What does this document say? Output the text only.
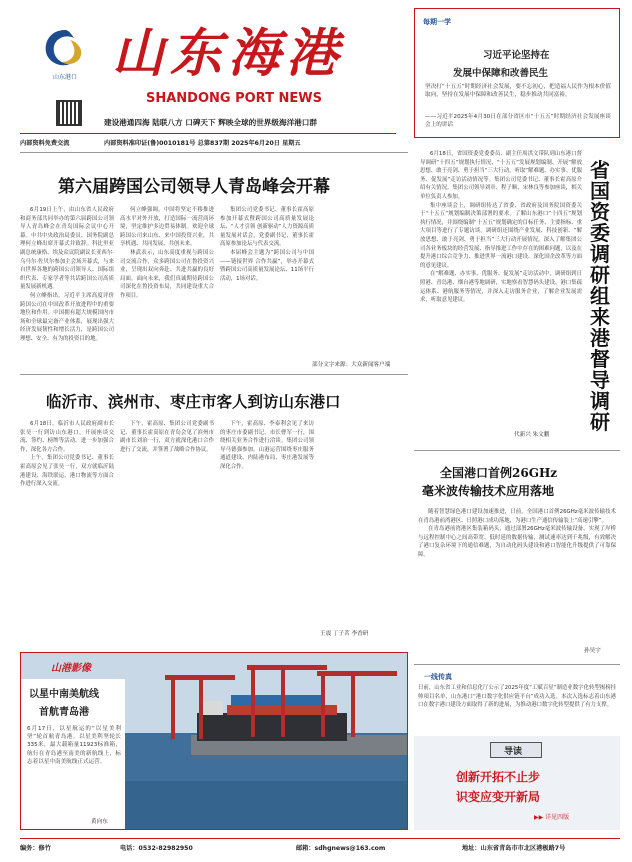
山东港口 山东海港
SHANDONG PORT NEWS
建设港通四海 陆联八方 口碑天下 辉映全球的世界级海洋港口群
内部资料免费交流	内部资料准印证(鲁)0010181号 总第837期 2025年6月20日 星期五
每期一学
习近平论坚持在
发展中保障和改善民生
坚决打“十五五”时期经济社会发展，要不忘初心，把造福人民作为根本价值取向，坚持在发展中保障和改善民生，稳步推动共同富裕。
——习近平2025年4月30日在部分省区市“十五五”时期经济社会发展座谈会上的讲话

6月18日，省国资委党委委员、副主任周洪文带队到山东港口督导调研“十四五”规划执行情况、“十五五”发展规划编制、开展“解放思想、敢于亮剑、勇于担当”三大行动，听取“解难题、办实事、优服务、促发展”走访活动情况等。集团公司党委书记、董事长霍高原介绍有关情况。集团公司领导刘章、程子顺、宋林良等参加座谈，相关单位负责人参加。

集中座谈会上，调研组传达了省委、省政府及国务院国资委关于“十五五”规划编制决策部署的要求。了解山东港口“十四五”规划执行情况，并围绕编制“十五五”规划确定的目标任务、主要指标、重大项目等进行了专题访谈。调研组还围绕产业发展、科技创新、“解放思想、敢于亮剑、勇于担当”三大行动开展情况，深入了解集团公司各业务板块的经营发展、指导推进工作中存在的困难问题，以及在提升港口综合竞争力、推进世界一流港口建设、深化国企改革等方面的意见建议。

在“解难题、办实事、优服务、促发展”走访活动中，调研组到日照港、青岛港、烟台港等地调研，实地察看智慧码头建设、港口集疏运体系、港航服务等情况，并深入走访服务企业，了解企业发展需求，听取意见建议。

省国资委调研组来港督导调研
代新兴 朱文鹏
第六届跨国公司领导人青岛峰会开幕

6月19日上午，由山东省人民政府和商务部共同举办的第六届跨国公司领导人青岛峰会在青岛国际会议中心开幕。中共中央政治局委员、国务院副总理何立峰出席开幕式并致辞。科比里亚副总统康格、埃及众议院副议长亚西尔·乌马尔·佐贝尔参加主会场开幕式，与来自世界各地的跨国公司领导人、国际组织代表、专家学者等共话跨国公司高质量发展新机遇。

何立峰指出，习近平主席高度评价跨国公司在中国改革开放进程中的重要地位和作用。中国拥有超大规模国内市场和全球最完备产业体系，展现出强大经济发展韧性和增长活力，是跨国公司理想、安全、有为的投资目的地。

何立峰强调，中国将坚定不移推进高水平对外开放，打造国际一流营商环境，坚定维护多边贸易体制。欢迎全球跨国公司来山东、来中国投资兴业，共享机遇、共同发展、共创未来。

林武表示，山东高度重视与跨国公司交流合作，众多跨国公司在鲁投资兴业，呈现出双向奔赴、共进共赢的良好局面。面向未来，我们真诚期待跨国公司深化在鲁投资布局，共同建设重大合作项目。

集团公司党委书记、董事长霍高原参加开幕式暨跨国公司高质量发展论坛、“人才引领 创新驱动”人力资源高质量发展对话会，党委副书记、董事长霍高原参加论坛与代表交流。

本届峰会主题为“跨国公司与中国——链接世界 合作共赢”，举办开幕式暨跨国公司高质量发展论坛、11场平行活动，1场对话。

部分文字来源：大众新闻客户端
临沂市、滨州市、枣庄市客人到访山东港口

6月18日，临沂市人民政府副市长张昊一行到访山东港口，开展座谈交流、签约、榜牌等活动。进一步加强合作，深化各方合作。

上午，集团公司党委书记、董事长霍高原会见了张昊一行，双方就临沂陆港建设、海铁联运、港口物流等方面合作进行深入交流。

下午，霍高原、集团公司党委副书记、董事长霍高原在青岛会见了滨州市副市长刘治一行，双方就深化港口合作进行了交流，并签署了战略合作协议。

下午，霍高原、李泰利会见了来访的枣庄市委副书记、市长曹军一行，围绕相关业务合作进行洽谈。集团公司领导马德强参加。山港运营围绕枣庄服务通道建设、内陆港布局、枣庄港发展等深化合作。

王震 丁子茗 李香研
全国港口首例26GHz
毫米波传输技术应用落地

随着智慧绿色港口建设加速推进，日前，全国港口首例26GHz毫米波传输技术在青岛港前湾港区、日照港口成功落地，为港口生产通信传输装上“高速引擎”。

在青岛港前湾港区集装箱码头，通过部署26GHz毫米波传输设备，实现了岸桥与远程控制中心之间高带宽、低时延的数据传输，测试速率达到千兆级，有效解决了港口复杂环境下的通信难题，为自动化码头建设和港口智能化升级提供了可靠保障。

孙昊宇
山港影像
以星中南美航线
首航青岛港
6月17日，以星航运的“以星美利坚”轮首航青岛港。以星美利坚轮长335米，最大载箱量11923标准箱，航行在青岛港至南美的新航线上，标志着以星中南美航线正式运营。
黄向东
一线传真
日前，山东省工业和信息化厅公示了2025年度“工赋百星”制造业数字化转型揭榜挂帅项目名单，山东港口“港口数字化供应链平台”成功入选。本次入选标志着山东港口在数字港口建设方面取得了新的进展，为推动港口数字化转型提供了有力支撑。
导读
创新开拓不止步
识变应变开新局
▶▶ 详见四版
编务：修竹	电话：0532-82982950	邮箱：sdhgnews@163.com	地址：山东省青岛市市北区港极路7号
